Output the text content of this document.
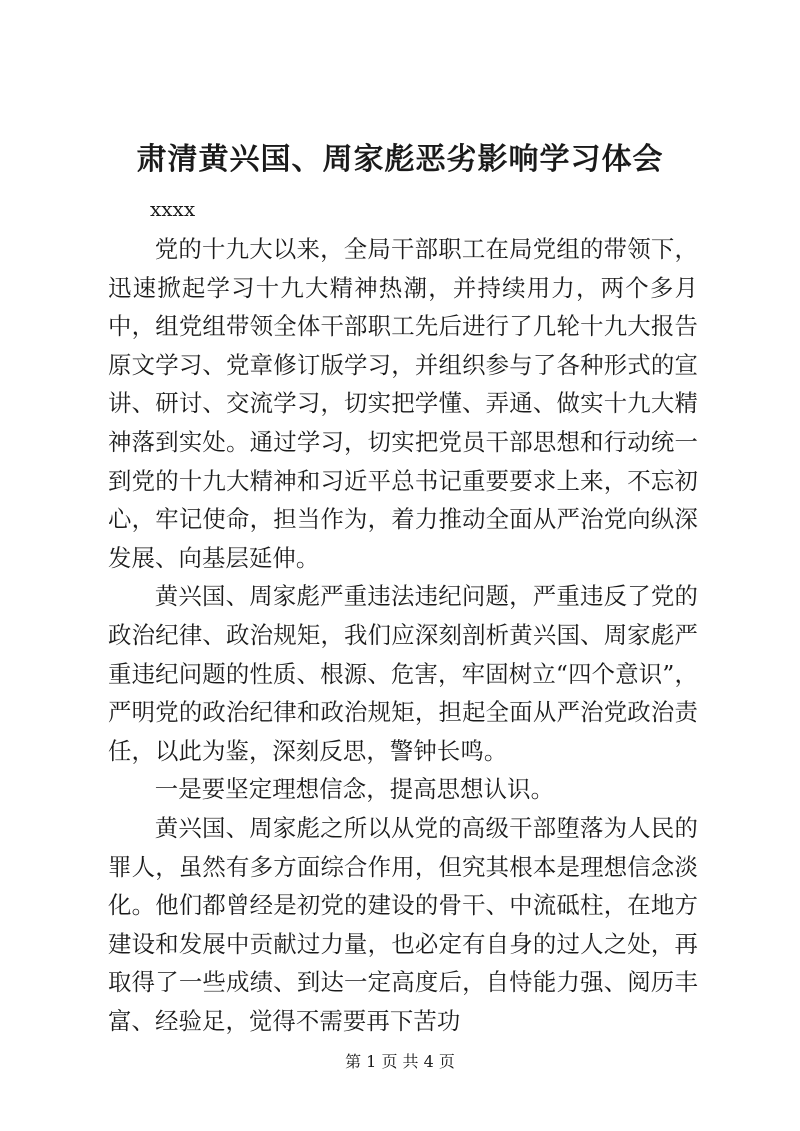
肃清黄兴国、周家彪恶劣影响学习体会

xxxx

党的十九大以来，全局干部职工在局党组的带领下，迅速掀起学习十九大精神热潮，并持续用力，两个多月中，组党组带领全体干部职工先后进行了几轮十九大报告原文学习、党章修订版学习，并组织参与了各种形式的宣讲、研讨、交流学习，切实把学懂、弄通、做实十九大精神落到实处。通过学习，切实把党员干部思想和行动统一到党的十九大精神和习近平总书记重要要求上来，不忘初心，牢记使命，担当作为，着力推动全面从严治党向纵深发展、向基层延伸。

黄兴国、周家彪严重违法违纪问题，严重违反了党的政治纪律、政治规矩，我们应深刻剖析黄兴国、周家彪严重违纪问题的性质、根源、危害，牢固树立“四个意识”，严明党的政治纪律和政治规矩，担起全面从严治党政治责任，以此为鉴，深刻反思，警钟长鸣。

一是要坚定理想信念，提高思想认识。

黄兴国、周家彪之所以从党的高级干部堕落为人民的罪人，虽然有多方面综合作用，但究其根本是理想信念淡化。他们都曾经是初党的建设的骨干、中流砥柱，在地方建设和发展中贡献过力量，也必定有自身的过人之处，再取得了一些成绩、到达一定高度后，自恃能力强、阅历丰富、经验足，觉得不需要再下苦功

第 1 页 共 4 页
